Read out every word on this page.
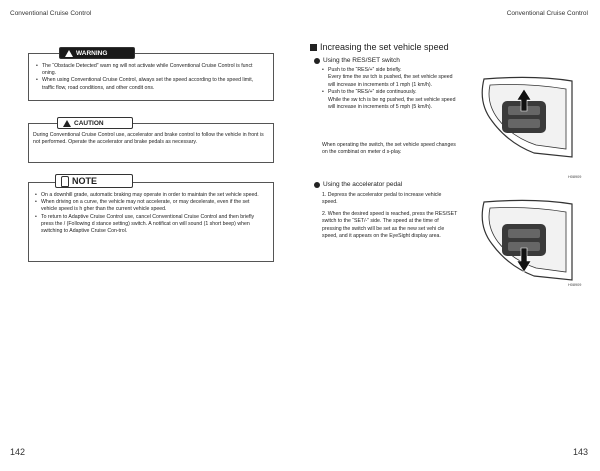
Conventional Cruise Control	Conventional Cruise Control
142	143
WARNING
• The “Obstacle Detected” warn ng will not activate while Conventional Cruise Control is funct oning.
• When using Conventional Cruise Control, always set the speed according to the speed limit, traffic flow, road conditions, and other condit ons.
CAUTION
During Conventional Cruise Control use, accelerator and brake control to follow the vehicle in front is not performed. Operate the accelerator and brake pedals as necessary.
NOTE
• On a downhill grade, automatic braking may operate in order to maintain the set vehicle speed.
• When driving on a curve, the vehicle may not accelerate, or may decelerate, even if the set vehicle speed is h gher than the current vehicle speed.
• To return to Adaptive Cruise Control use, cancel Conventional Cruise Control and then briefly press the / (Following d stance setting) switch. A notificat on will sound (1 short beep) when switching to Adaptive Cruise Con-trol.
Increasing the set vehicle speed
Using the RES/SET switch
• Push to the “RES/+” side briefly.
Every time the sw tch is pushed, the set vehicle speed will increase in increments of 1 mph (1 km/h).
• Push to the “RES/+” side continuously.
While the sw tch is be ng pushed, the set vehicle speed will increase in increments of 5 mph (5 km/h).
When operating the switch, the set vehicle speed changes on the combinat on meter d s-play.
H08909
Using the accelerator pedal
1. Depress the accelerator pedal to increase vehicle speed.
2. When the desired speed is reached, press the RES/SET switch to the “SET/-” side. The speed at the time of pressing the switch will be set as the new set vehi cle speed, and it appears on the EyeSight display area.
H08909
